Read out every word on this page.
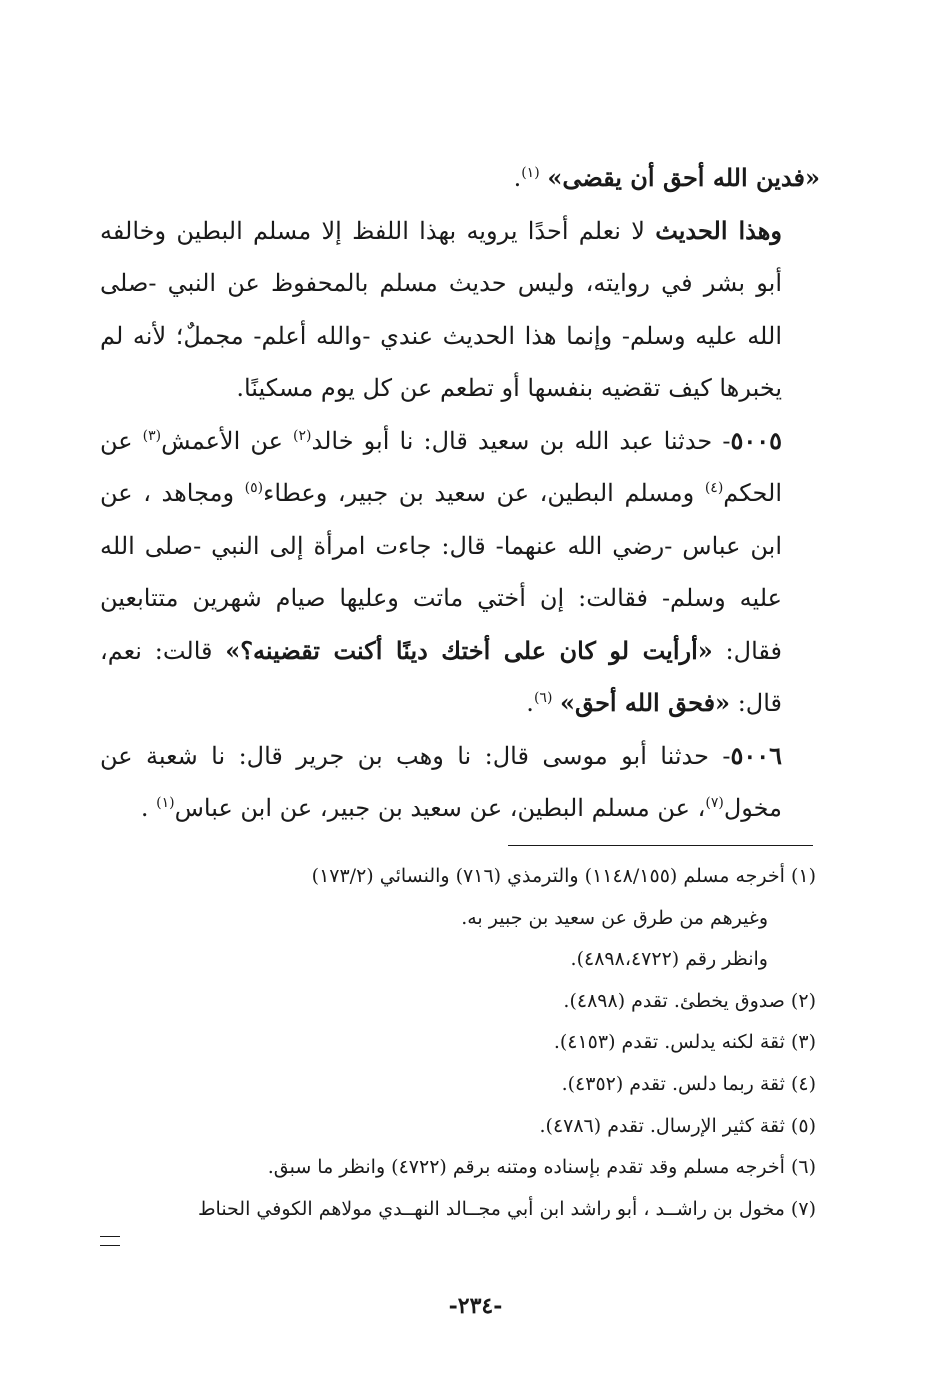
«فدين الله أحق أن يقضى» $^{(١)}$.

وهذا الحديث لا نعلم أحدًا يرويه بهذا اللفظ إلا مسلم البطين وخالفه أبو بشر في روايته، وليس حديث مسلم بالمحفوظ عن النبي -صلى الله عليه وسلم- وإنما هذا الحديث عندي -والله أعلم- مجملٌ؛ لأنه لم يخبرها كيف تقضيه بنفسها أو تطعم عن كل يوم مسكينًا.

٥٠٠٥- حدثنا عبد الله بن سعيد قال: نا أبو خالد$^{(٢)}$ عن الأعمش$^{(٣)}$ عن الحكم$^{(٤)}$ ومسلم البطين، عن سعيد بن جبير، وعطاء$^{(٥)}$ ومجاهد ، عن ابن عباس -رضي الله عنهما- قال: جاءت امرأة إلى النبي -صلى الله عليه وسلم- فقالت: إن أختي ماتت وعليها صيام شهرين متتابعين فقال: «أرأيت لو كان على أختك دينًا أكنت تقضينه؟» قالت: نعم، قال: «فحق الله أحق» $^{(٦)}$.

٥٠٠٦- حدثنا أبو موسى قال: نا وهب بن جرير قال: نا شعبة عن مخول$^{(٧)}$، عن مسلم البطين، عن سعيد بن جبير، عن ابن عباس$^{(١)}$ .

(١) أخرجه مسلم (١١٤٨/١٥٥) والترمذي (٧١٦) والنسائي (١٧٣/٢)

وغيرهم من طرق عن سعيد بن جبير به.

وانظر رقم (٤٨٩٨،٤٧٢٢).

(٢) صدوق يخطئ. تقدم (٤٨٩٨).

(٣) ثقة لكنه يدلس. تقدم (٤١٥٣).

(٤) ثقة ربما دلس. تقدم (٤٣٥٢).

(٥) ثقة كثير الإرسال. تقدم (٤٧٨٦).

(٦) أخرجه مسلم وقد تقدم بإسناده ومتنه برقم (٤٧٢٢) وانظر ما سبق.

(٧) مخول بن راشــد ، أبو راشد ابن أبي مجــالد النهــدي مولاهم الكوفي الحناط

-٢٣٤-
